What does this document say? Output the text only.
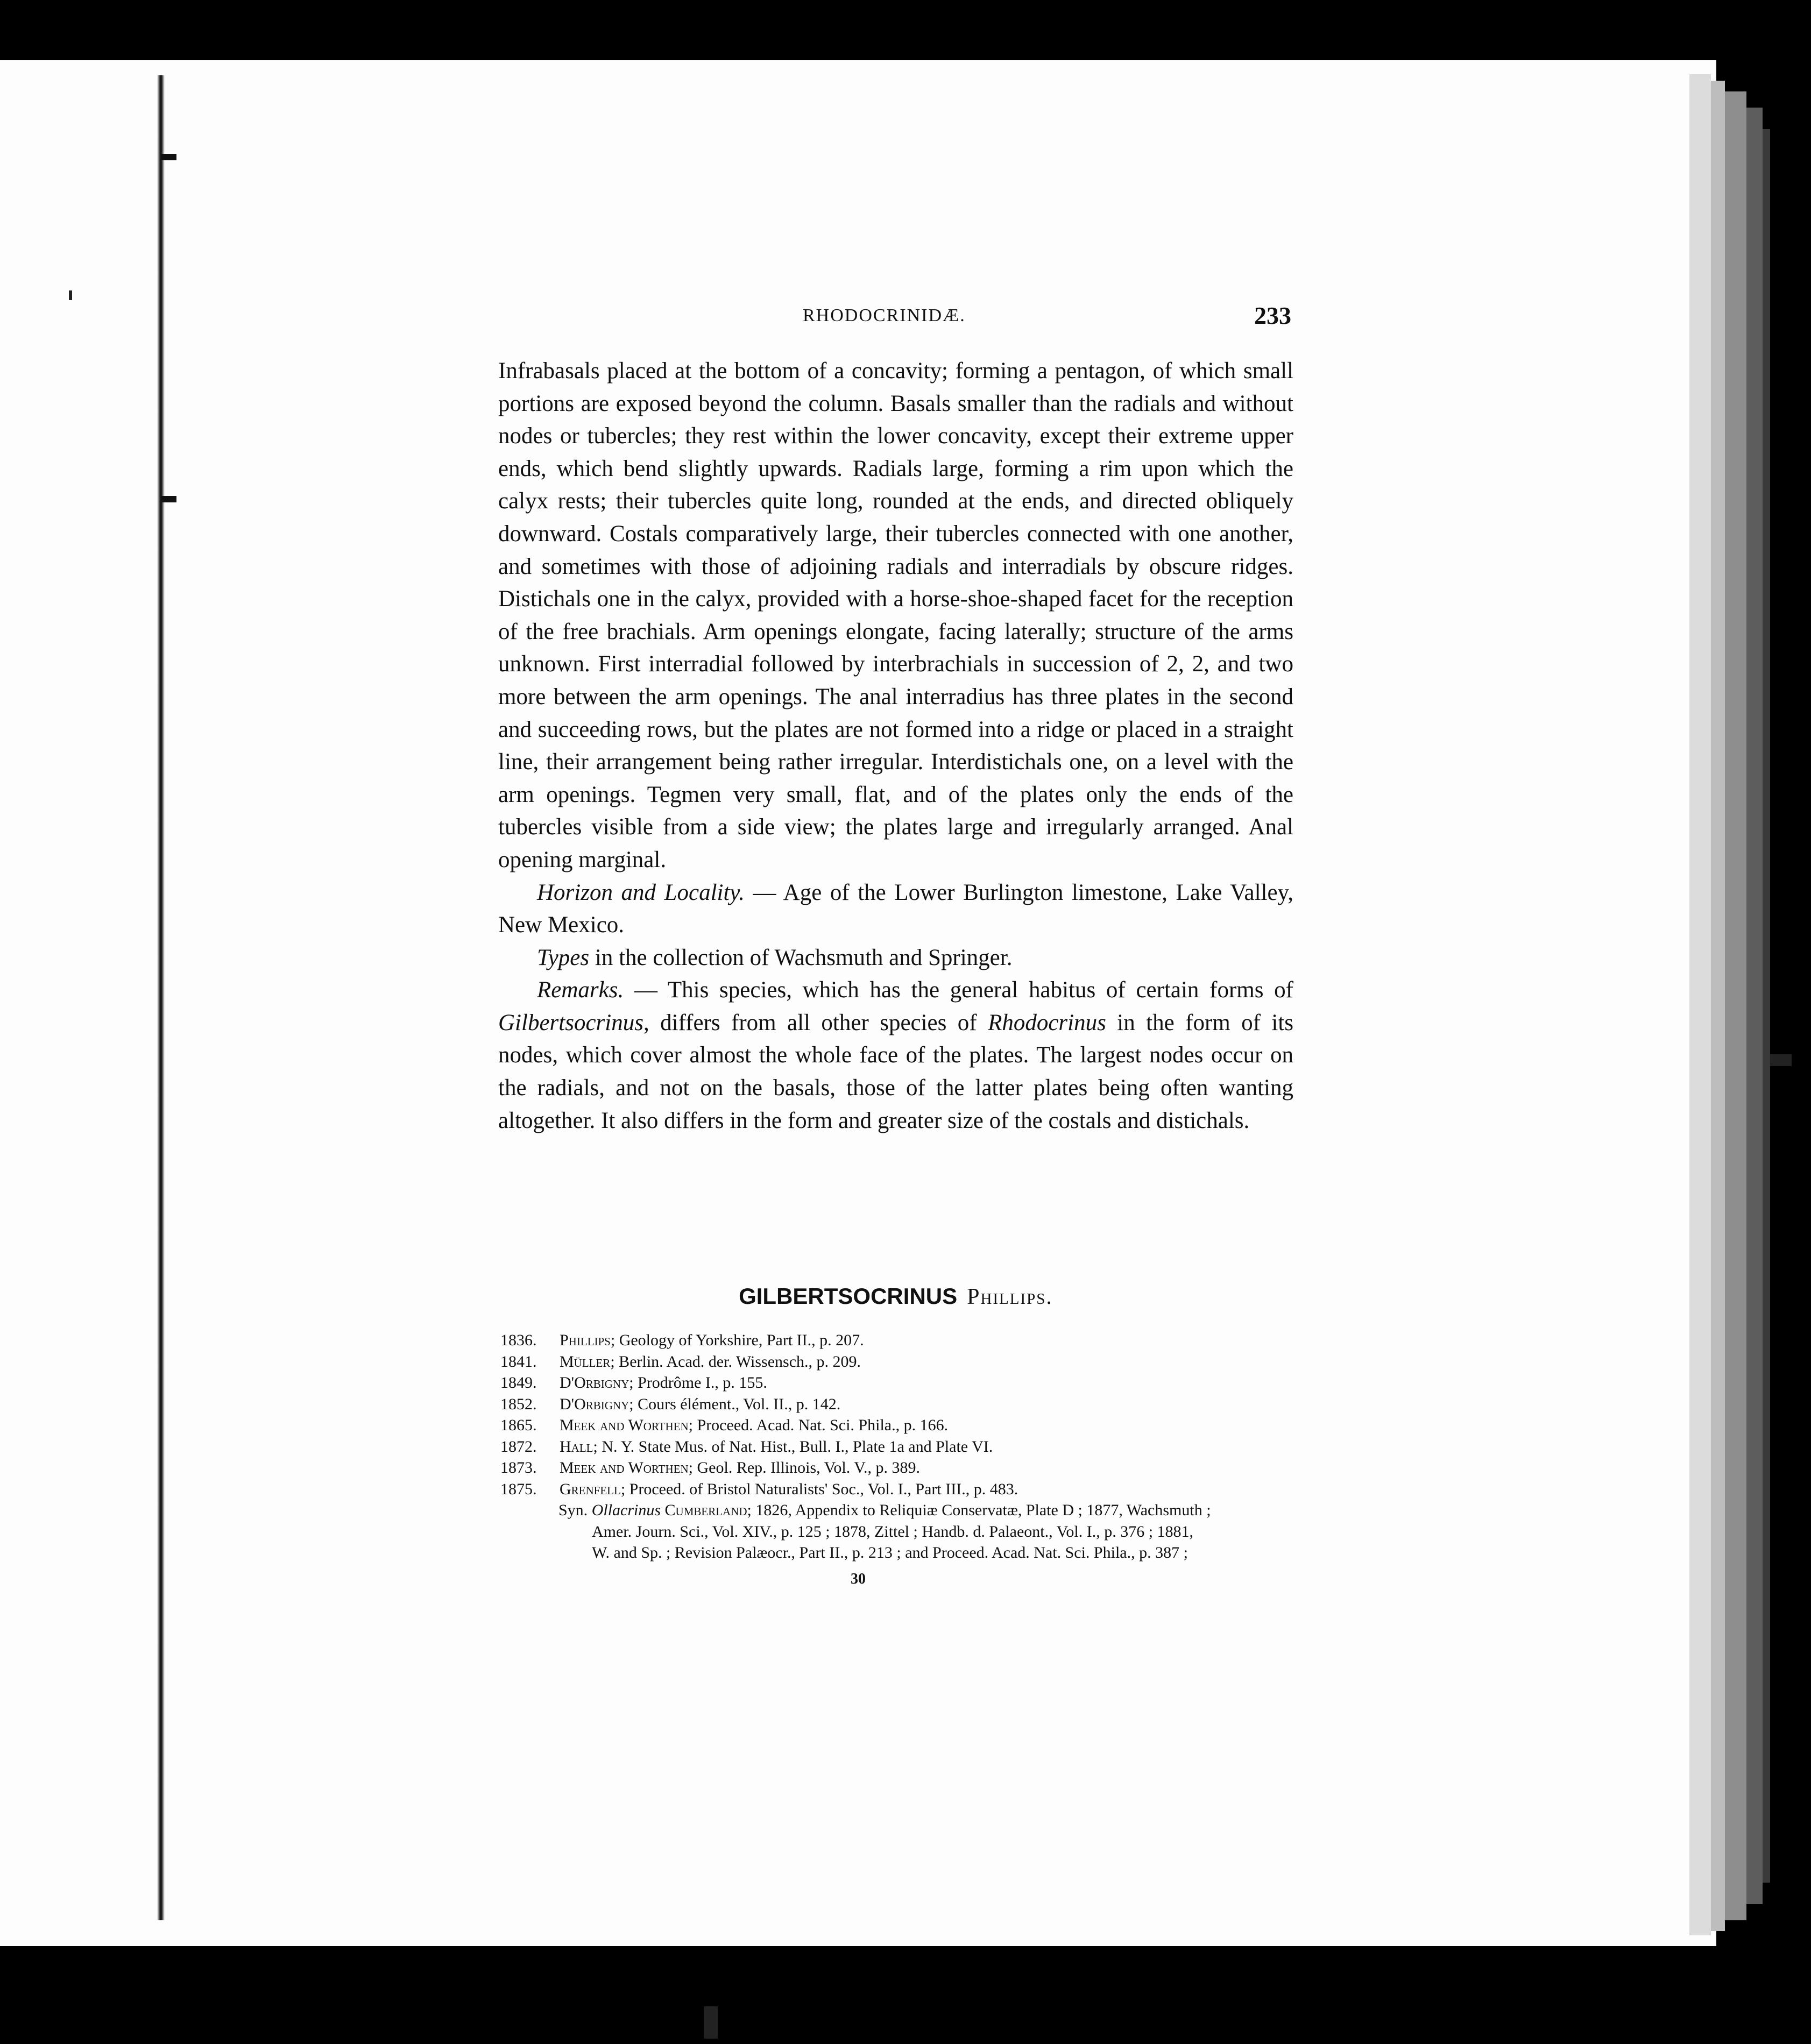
RHODOCRINIDÆ.	233

Infrabasals placed at the bottom of a concavity; forming a pentagon, of which small portions are exposed beyond the column. Basals smaller than the radials and without nodes or tubercles; they rest within the lower concavity, except their extreme upper ends, which bend slightly upwards. Radials large, forming a rim upon which the calyx rests; their tubercles quite long, rounded at the ends, and directed obliquely downward. Costals comparatively large, their tubercles connected with one another, and sometimes with those of adjoining radials and interradials by obscure ridges. Distichals one in the calyx, provided with a horse-shoe-shaped facet for the reception of the free brachials. Arm openings elongate, facing laterally; structure of the arms unknown. First interradial followed by interbrachials in succession of 2, 2, and two more between the arm openings. The anal interradius has three plates in the second and succeeding rows, but the plates are not formed into a ridge or placed in a straight line, their arrangement being rather irregular. Interdistichals one, on a level with the arm openings. Tegmen very small, flat, and of the plates only the ends of the tubercles visible from a side view; the plates large and irregularly arranged. Anal opening marginal.

Horizon and Locality. — Age of the Lower Burlington limestone, Lake Valley, New Mexico.

Types in the collection of Wachsmuth and Springer.

Remarks. — This species, which has the general habitus of certain forms of Gilbertsocrinus, differs from all other species of Rhodocrinus in the form of its nodes, which cover almost the whole face of the plates. The largest nodes occur on the radials, and not on the basals, those of the latter plates being often wanting altogether. It also differs in the form and greater size of the costals and distichals.

GILBERTSOCRINUS Phillips.
1836. Phillips; Geology of Yorkshire, Part II., p. 207.
1841. Müller; Berlin. Acad. der. Wissensch., p. 209.
1849. D'Orbigny; Prodrôme I., p. 155.
1852. D'Orbigny; Cours élément., Vol. II., p. 142.
1865. Meek and Worthen; Proceed. Acad. Nat. Sci. Phila., p. 166.
1872. Hall; N. Y. State Mus. of Nat. Hist., Bull. I., Plate 1a and Plate VI.
1873. Meek and Worthen; Geol. Rep. Illinois, Vol. V., p. 389.
1875. Grenfell; Proceed. of Bristol Naturalists' Soc., Vol. I., Part III., p. 483.
Syn. Ollacrinus Cumberland; 1826, Appendix to Reliquiæ Conservatæ, Plate D ; 1877, Wachsmuth ;
Amer. Journ. Sci., Vol. XIV., p. 125 ; 1878, Zittel ; Handb. d. Palaeont., Vol. I., p. 376 ; 1881,
W. and Sp. ; Revision Palæocr., Part II., p. 213 ; and Proceed. Acad. Nat. Sci. Phila., p. 387 ;
30
